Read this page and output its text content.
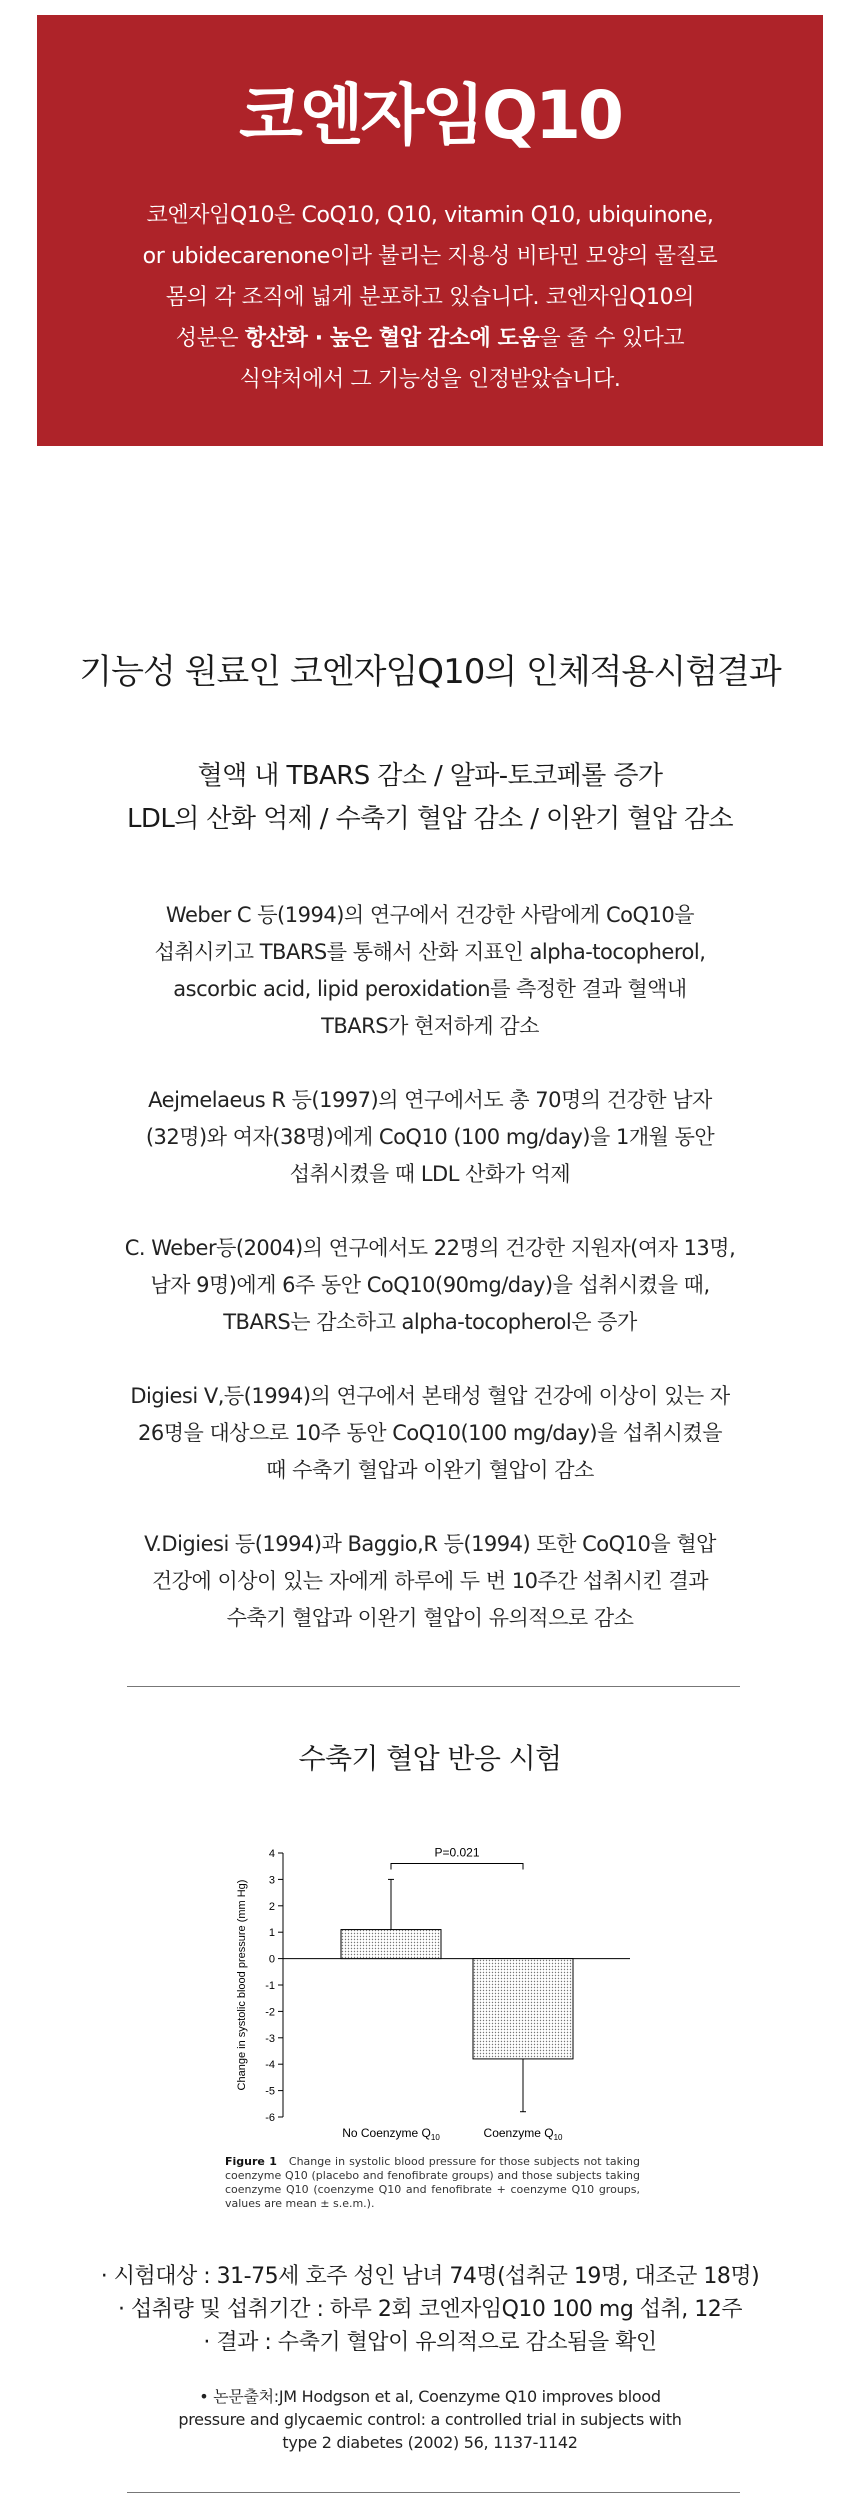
코엔자임Q10
코엔자임Q10은 CoQ10, Q10, vitamin Q10, ubiquinone,
or ubidecarenone이라 불리는 지용성 비타민 모양의 물질로
몸의 각 조직에 넓게 분포하고 있습니다. 코엔자임Q10의
성분은 항산화 · 높은 혈압 감소에 도움을 줄 수 있다고
식약처에서 그 기능성을 인정받았습니다.
기능성 원료인 코엔자임Q10의 인체적용시험결과
혈액 내 TBARS 감소 / 알파-토코페롤 증가
LDL의 산화 억제 / 수축기 혈압 감소 / 이완기 혈압 감소
Weber C 등(1994)의 연구에서 건강한 사람에게 CoQ10을
섭취시키고 TBARS를 통해서 산화 지표인 alpha-tocopherol,
ascorbic acid, lipid peroxidation를 측정한 결과 혈액내
TBARS가 현저하게 감소
Aejmelaeus R 등(1997)의 연구에서도 총 70명의 건강한 남자
(32명)와 여자(38명)에게 CoQ10 (100 mg/day)을 1개월 동안
섭취시켰을 때 LDL 산화가 억제
C. Weber등(2004)의 연구에서도 22명의 건강한 지원자(여자 13명,
남자 9명)에게 6주 동안 CoQ10(90mg/day)을 섭취시켰을 때,
TBARS는 감소하고 alpha-tocopherol은 증가
Digiesi V,등(1994)의 연구에서 본태성 혈압 건강에 이상이 있는 자
26명을 대상으로 10주 동안 CoQ10(100 mg/day)을 섭취시켰을
때 수축기 혈압과 이완기 혈압이 감소
V.Digiesi 등(1994)과 Baggio,R 등(1994) 또한 CoQ10을 혈압
건강에 이상이 있는 자에게 하루에 두 번 10주간 섭취시킨 결과
수축기 혈압과 이완기 혈압이 유의적으로 감소
수축기 혈압 반응 시험
4
3
2
1
0
-1
-2
-3
-4
-5
-6
Change in systolic blood pressure (mm Hg)
No Coenzyme $Q_{10}$	Coenzyme $Q_{10}$
P=0.021
Figure 1 Change in systolic blood pressure for those subjects not taking coenzyme Q10 (placebo and fenofibrate groups) and those subjects taking coenzyme Q10 (coenzyme Q10 and fenofibrate + coenzyme Q10 groups, values are mean ± s.e.m.).
· 시험대상 : 31-75세 호주 성인 남녀 74명(섭취군 19명, 대조군 18명)
· 섭취량 및 섭취기간 : 하루 2회 코엔자임Q10 100 mg 섭취, 12주
· 결과 : 수축기 혈압이 유의적으로 감소됨을 확인
• 논문출처:JM Hodgson et al, Coenzyme Q10 improves blood
pressure and glycaemic control: a controlled trial in subjects with
type 2 diabetes (2002) 56, 1137-1142
